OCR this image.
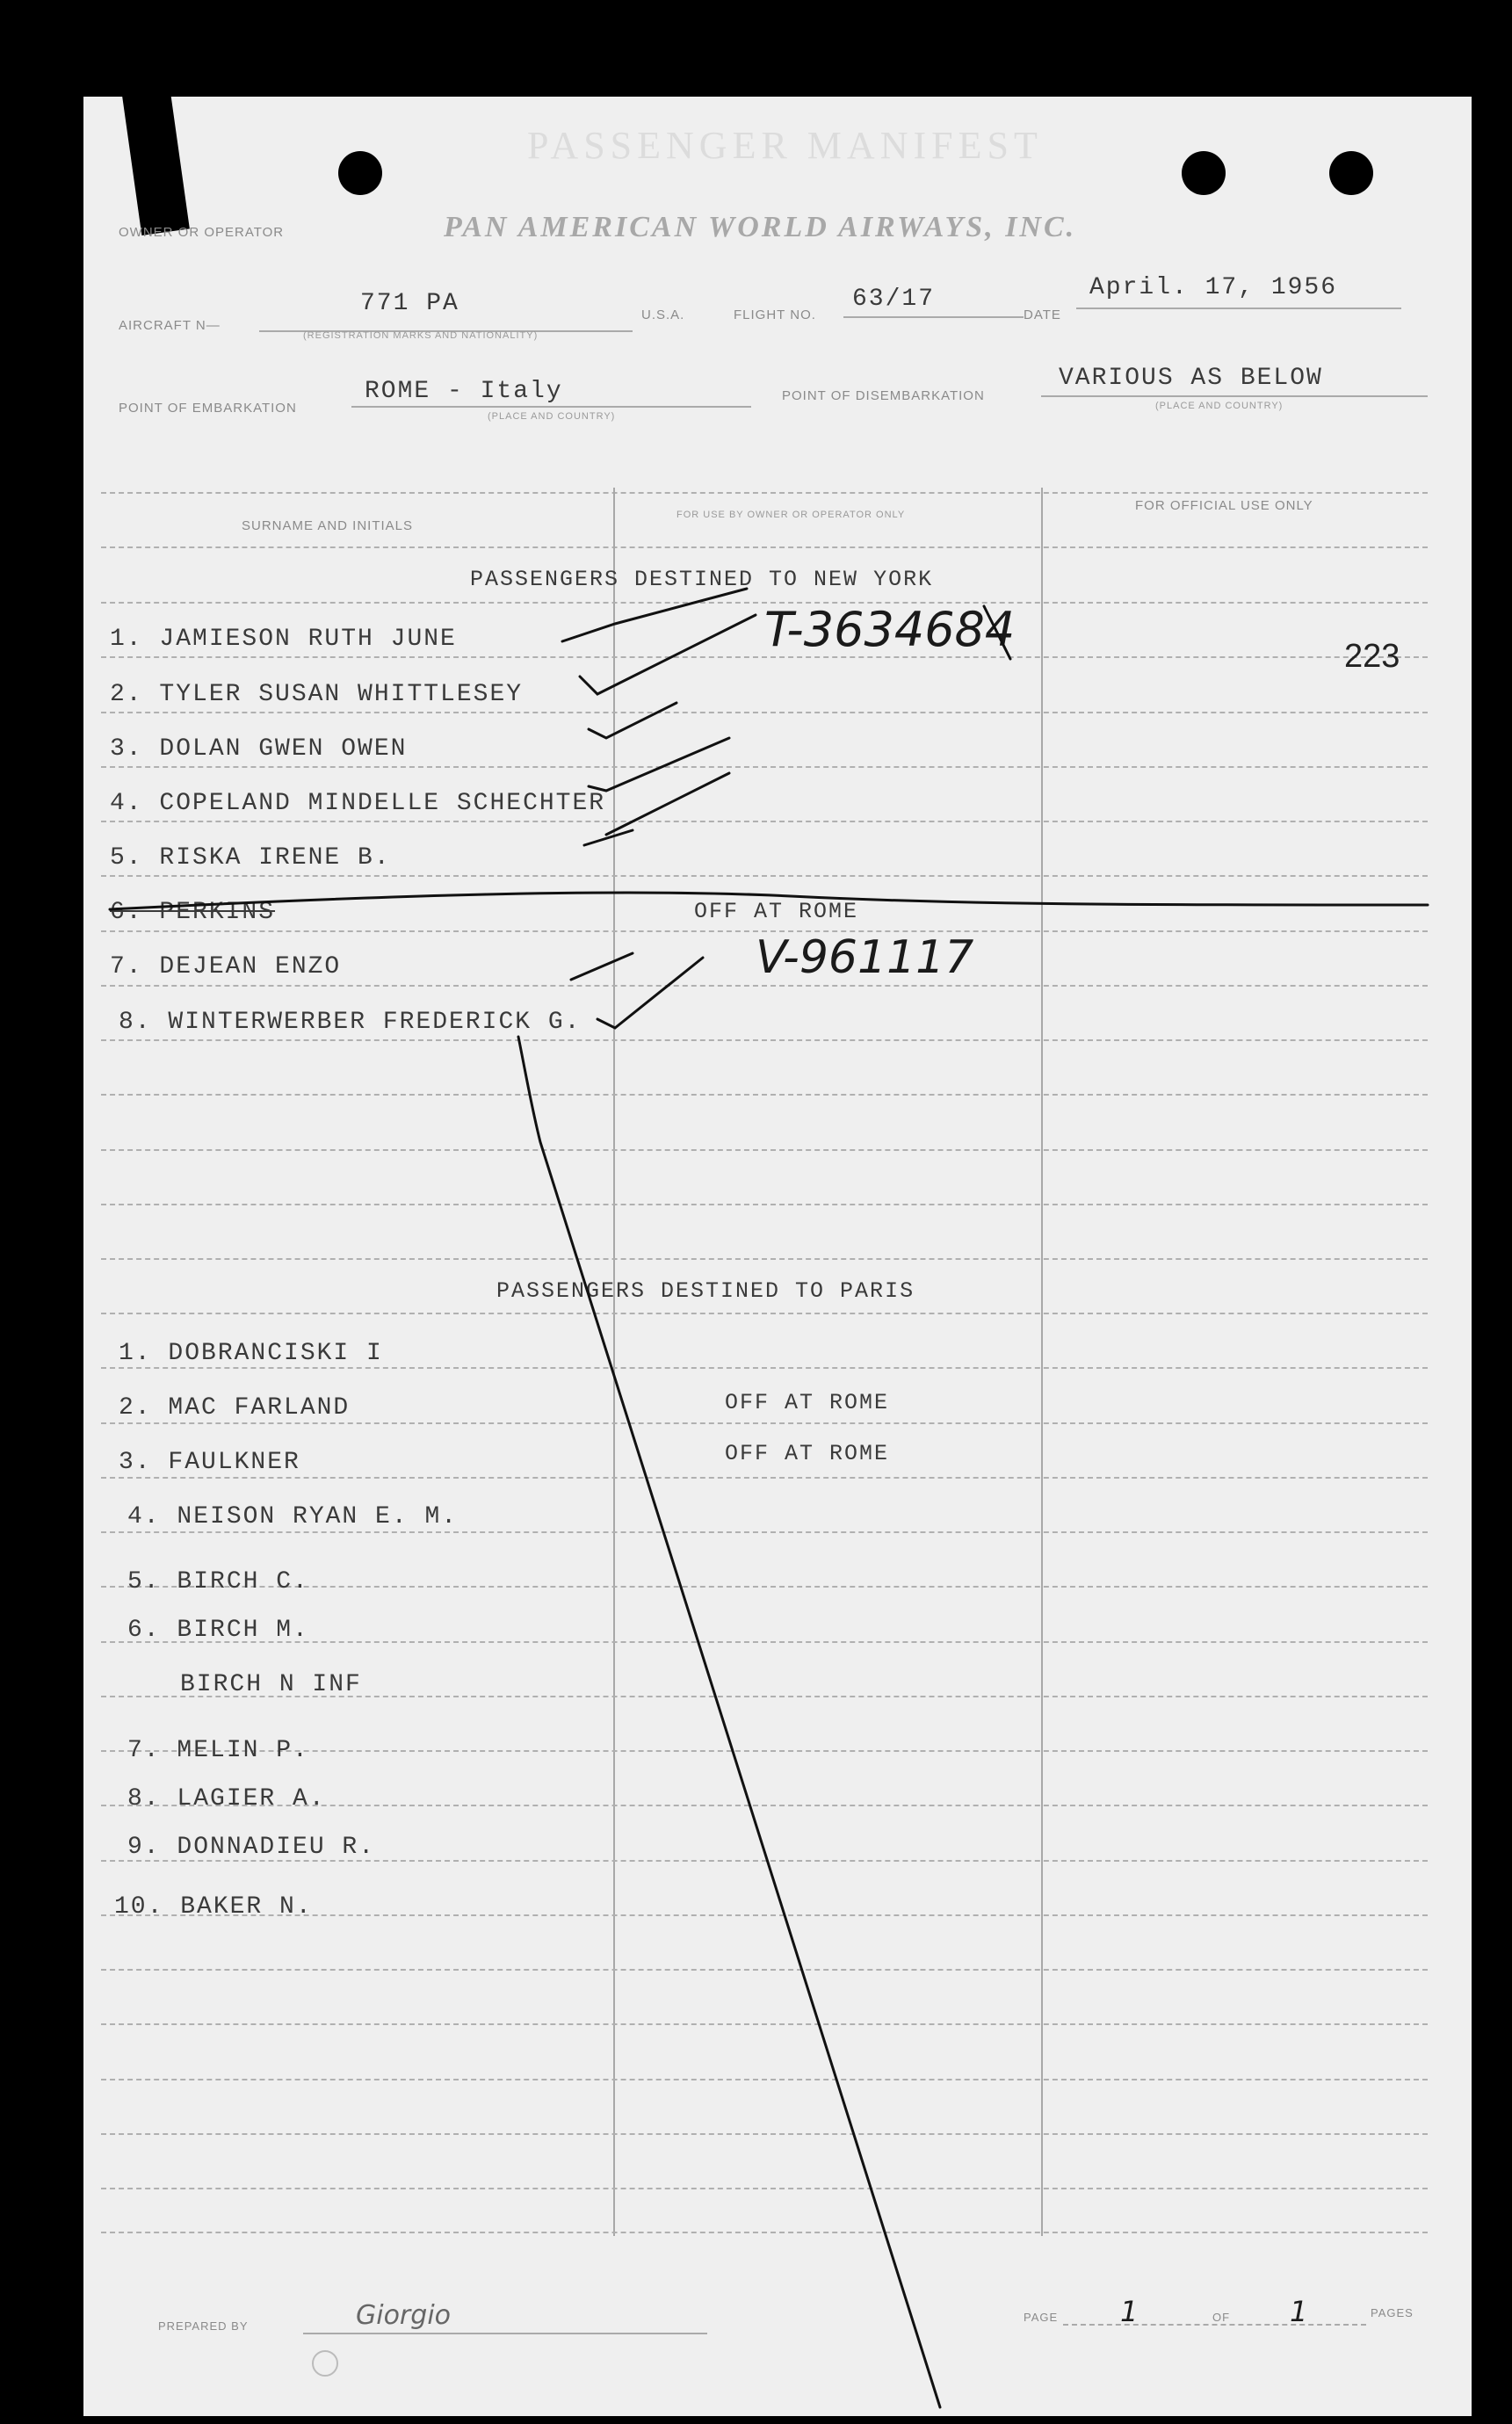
PASSENGER MANIFEST
OWNER OR OPERATOR	PAN AMERICAN WORLD AIRWAYS, INC.
AIRCRAFT N—
771 PA
(REGISTRATION MARKS AND NATIONALITY)
U.S.A.	FLIGHT NO.
63/17
DATE
April. 17, 1956
POINT OF EMBARKATION
ROME - Italy
(PLACE AND COUNTRY)
POINT OF DISEMBARKATION
VARIOUS AS BELOW
(PLACE AND COUNTRY)
SURNAME AND INITIALS
FOR USE BY OWNER OR OPERATOR ONLY
FOR OFFICIAL USE ONLY
PASSENGERS DESTINED TO NEW YORK
1. JAMIESON RUTH JUNE
2. TYLER SUSAN WHITTLESEY
3. DOLAN GWEN OWEN
4. COPELAND MINDELLE SCHECHTER
5. RISKA IRENE B.
6. PERKINS	OFF AT ROME
7. DEJEAN ENZO
8. WINTERWERBER FREDERICK G.
T-3634684
V-961117
223
PASSENGERS DESTINED TO PARIS
1. DOBRANCISKI I
2. MAC FARLAND	OFF AT ROME
3. FAULKNER	OFF AT ROME
4. NEISON RYAN E. M.
5. BIRCH C.
6. BIRCH M.
BIRCH N INF
7. MELIN P.
8. LAGIER A.
9. DONNADIEU R.
10. BAKER N.
PREPARED BY	Giorgio	PAGE 1	OF 1	PAGES
